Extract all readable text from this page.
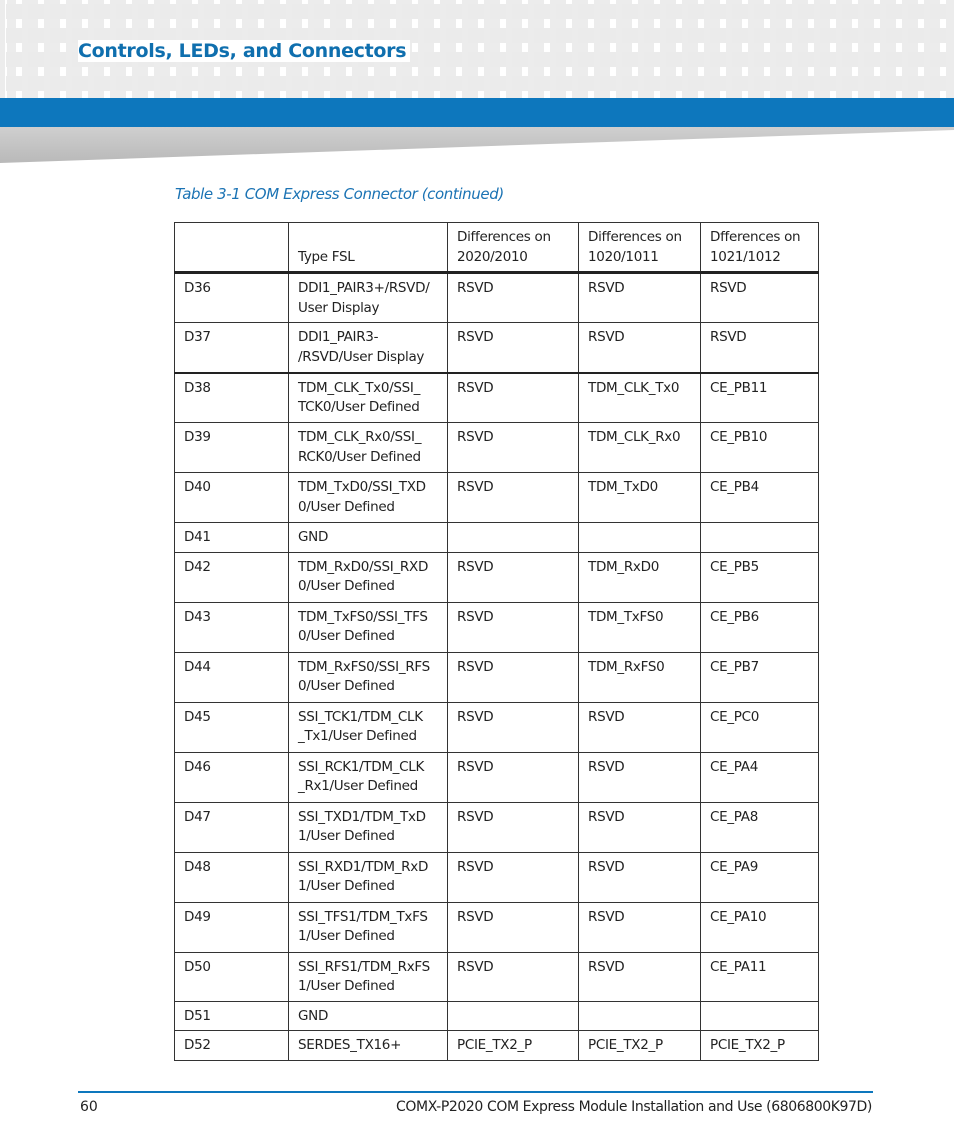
Controls, LEDs, and Connectors
Table 3-1 COM Express Connector (continued)
	Type FSL	Differences on 2020/2010	Differences on 1020/1011	Dfferences on 1021/1012
D36	DDI1_PAIR3+/RSVD/ User Display	RSVD	RSVD	RSVD
D37	DDI1_PAIR3- /RSVD/User Display	RSVD	RSVD	RSVD
D38	TDM_CLK_Tx0/SSI_ TCK0/User Defined	RSVD	TDM_CLK_Tx0	CE_PB11
D39	TDM_CLK_Rx0/SSI_ RCK0/User Defined	RSVD	TDM_CLK_Rx0	CE_PB10
D40	TDM_TxD0/SSI_TXD 0/User Defined	RSVD	TDM_TxD0	CE_PB4
D41	GND			
D42	TDM_RxD0/SSI_RXD 0/User Defined	RSVD	TDM_RxD0	CE_PB5
D43	TDM_TxFS0/SSI_TFS 0/User Defined	RSVD	TDM_TxFS0	CE_PB6
D44	TDM_RxFS0/SSI_RFS 0/User Defined	RSVD	TDM_RxFS0	CE_PB7
D45	SSI_TCK1/TDM_CLK _Tx1/User Defined	RSVD	RSVD	CE_PC0
D46	SSI_RCK1/TDM_CLK _Rx1/User Defined	RSVD	RSVD	CE_PA4
D47	SSI_TXD1/TDM_TxD 1/User Defined	RSVD	RSVD	CE_PA8
D48	SSI_RXD1/TDM_RxD 1/User Defined	RSVD	RSVD	CE_PA9
D49	SSI_TFS1/TDM_TxFS 1/User Defined	RSVD	RSVD	CE_PA10
D50	SSI_RFS1/TDM_RxFS 1/User Defined	RSVD	RSVD	CE_PA11
D51	GND			
D52	SERDES_TX16+	PCIE_TX2_P	PCIE_TX2_P	PCIE_TX2_P
60	COMX-P2020 COM Express Module Installation and Use (6806800K97D)
